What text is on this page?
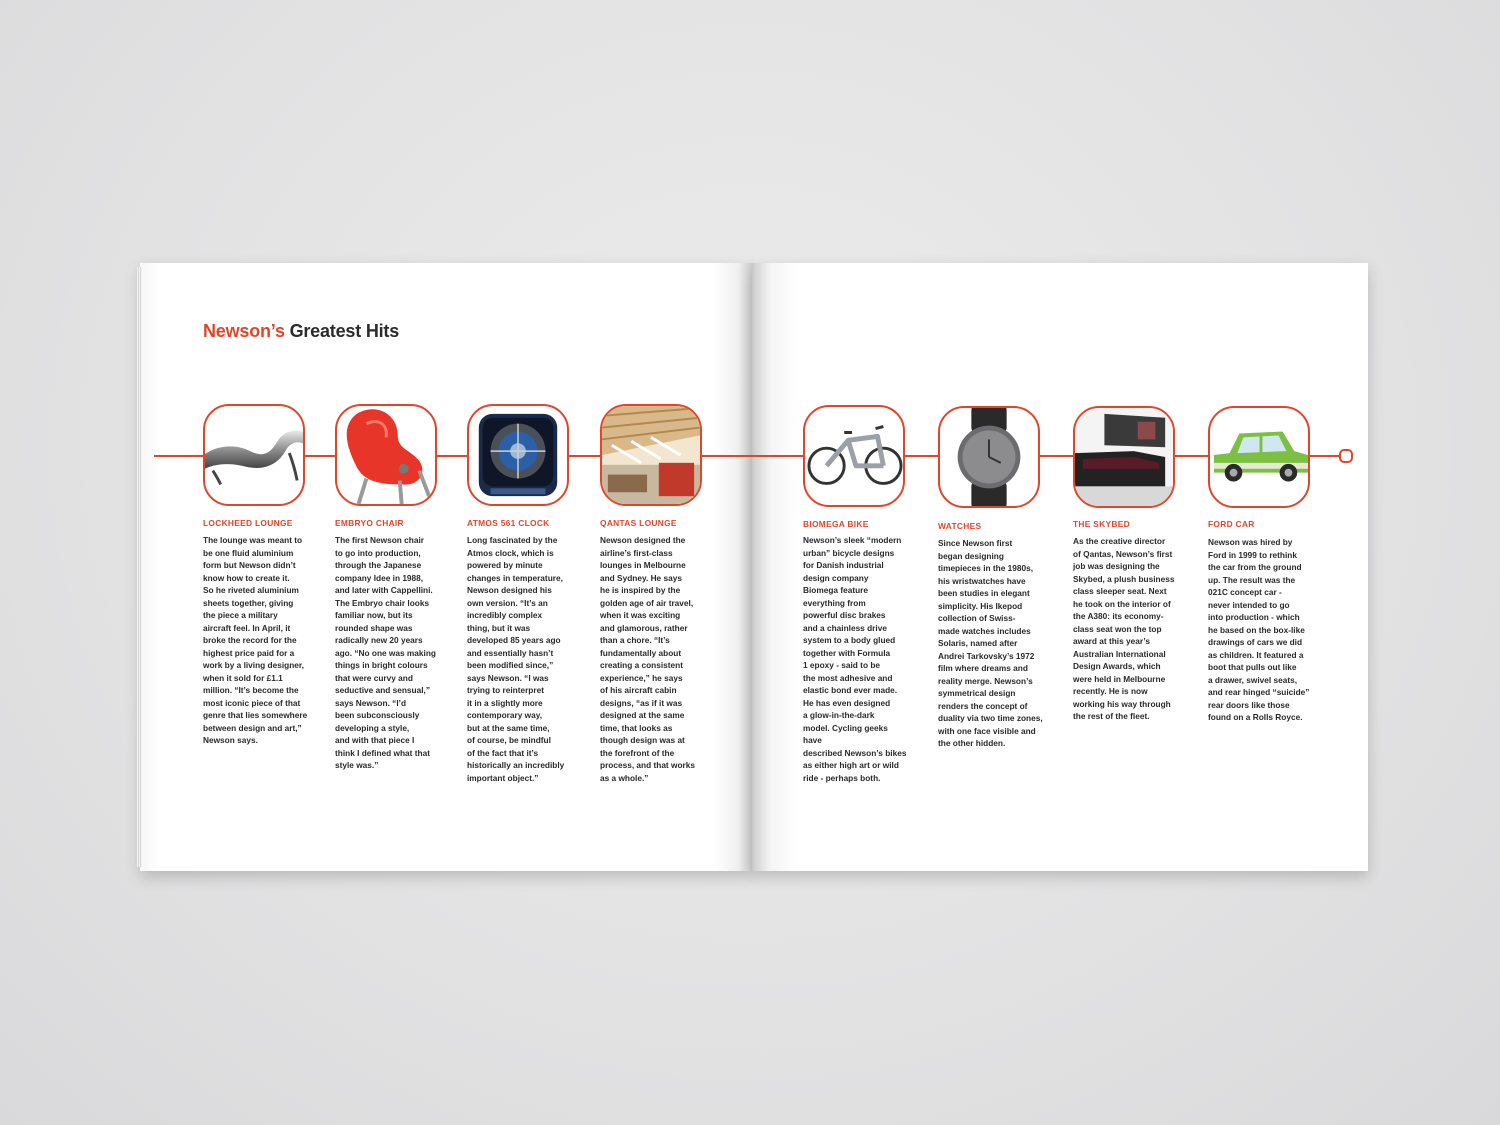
Newson’s Greatest Hits
LOCKHEED LOUNGE
The lounge was meant to
be one fluid aluminium
form but Newson didn’t
know how to create it.
So he riveted aluminium
sheets together, giving
the piece a military
aircraft feel. In April, it
broke the record for the
highest price paid for a
work by a living designer,
when it sold for £1.1
million. “It’s become the
most iconic piece of that
genre that lies somewhere
between design and art,”
Newson says.
EMBRYO CHAIR
The first Newson chair
to go into production,
through the Japanese
company Idee in 1988,
and later with Cappellini.
The Embryo chair looks
familiar now, but its
rounded shape was
radically new 20 years
ago. “No one was making
things in bright colours
that were curvy and
seductive and sensual,”
says Newson. “I’d
been subconsciously
developing a style,
and with that piece I
think I defined what that
style was.”
ATMOS 561 CLOCK
Long fascinated by the
Atmos clock, which is
powered by minute
changes in temperature,
Newson designed his
own version. “It’s an
incredibly complex
thing, but it was
developed 85 years ago
and essentially hasn’t
been modified since,”
says Newson. “I was
trying to reinterpret
it in a slightly more
contemporary way,
but at the same time,
of course, be mindful
of the fact that it’s
historically an incredibly
important object.”
QANTAS LOUNGE
Newson designed the
airline’s first-class
lounges in Melbourne
and Sydney. He says
he is inspired by the
golden age of air travel,
when it was exciting
and glamorous, rather
than a chore. “It’s
fundamentally about
creating a consistent
experience,” he says
of his aircraft cabin
designs, “as if it was
designed at the same
time, that looks as
though design was at
the forefront of the
process, and that works
as a whole.”
BIOMEGA BIKE
Newson’s sleek “modern
urban” bicycle designs
for Danish industrial
design company
Biomega feature
everything from
powerful disc brakes
and a chainless drive
system to a body glued
together with Formula
1 epoxy - said to be
the most adhesive and
elastic bond ever made.
He has even designed
a glow-in-the-dark
model. Cycling geeks have
described Newson’s bikes
as either high art or wild
ride - perhaps both.
WATCHES
Since Newson first
began designing
timepieces in the 1980s,
his wristwatches have
been studies in elegant
simplicity. His Ikepod
collection of Swiss-
made watches includes
Solaris, named after
Andrei Tarkovsky’s 1972
film where dreams and
reality merge. Newson’s
symmetrical design
renders the concept of
duality via two time zones,
with one face visible and
the other hidden.
THE SKYBED
As the creative director
of Qantas, Newson’s first
job was designing the
Skybed, a plush business
class sleeper seat. Next
he took on the interior of
the A380: its economy-
class seat won the top
award at this year’s
Australian International
Design Awards, which
were held in Melbourne
recently. He is now
working his way through
the rest of the fleet.
FORD CAR
Newson was hired by
Ford in 1999 to rethink
the car from the ground
up. The result was the
021C concept car -
never intended to go
into production - which
he based on the box-like
drawings of cars we did
as children. It featured a
boot that pulls out like
a drawer, swivel seats,
and rear hinged “suicide”
rear doors like those
found on a Rolls Royce.
